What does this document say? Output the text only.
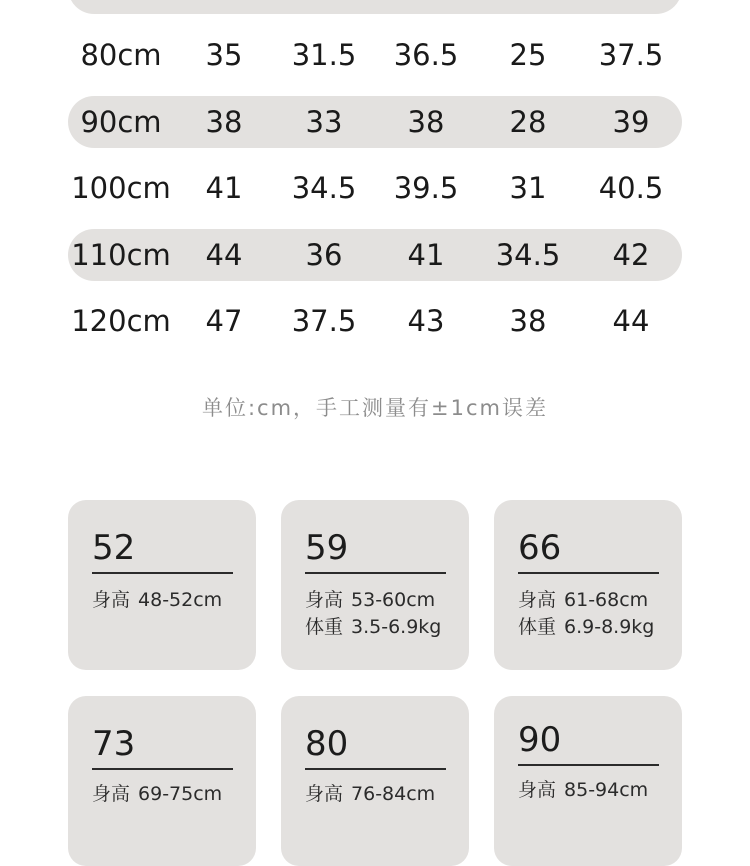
80cm	35	31.5	36.5	25	37.5
90cm	38	33	38	28	39
100cm	41	34.5	39.5	31	40.5
110cm	44	36	41	34.5	42
120cm	47	37.5	43	38	44
单位:cm，手工测量有±1cm误差
52
身高 48-52cm
59
身高 53-60cm
体重 3.5-6.9kg
66
身高 61-68cm
体重 6.9-8.9kg
73
身高 69-75cm
80
身高 76-84cm
90
身高 85-94cm
